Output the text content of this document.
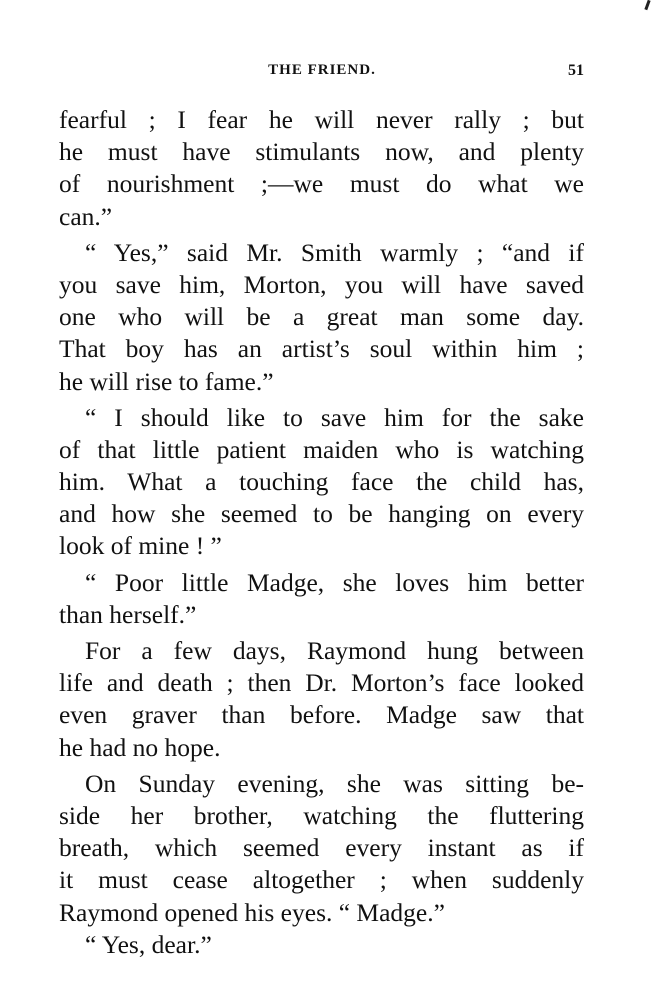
THE FRIEND.	51
fearful ; I fear he will never rally ; but
he must have stimulants now, and plenty
of nourishment ;—we must do what we
can.”
“ Yes,” said Mr. Smith warmly ; “and if
you save him, Morton, you will have saved
one who will be a great man some day.
That boy has an artist’s soul within him ;
he will rise to fame.”
“ I should like to save him for the sake
of that little patient maiden who is watching
him. What a touching face the child has,
and how she seemed to be hanging on every
look of mine ! ”
“ Poor little Madge, she loves him better
than herself.”
For a few days, Raymond hung between
life and death ; then Dr. Morton’s face looked
even graver than before. Madge saw that
he had no hope.
On Sunday evening, she was sitting be-
side her brother, watching the fluttering
breath, which seemed every instant as if
it must cease altogether ; when suddenly
Raymond opened his eyes. “ Madge.”
“ Yes, dear.”
